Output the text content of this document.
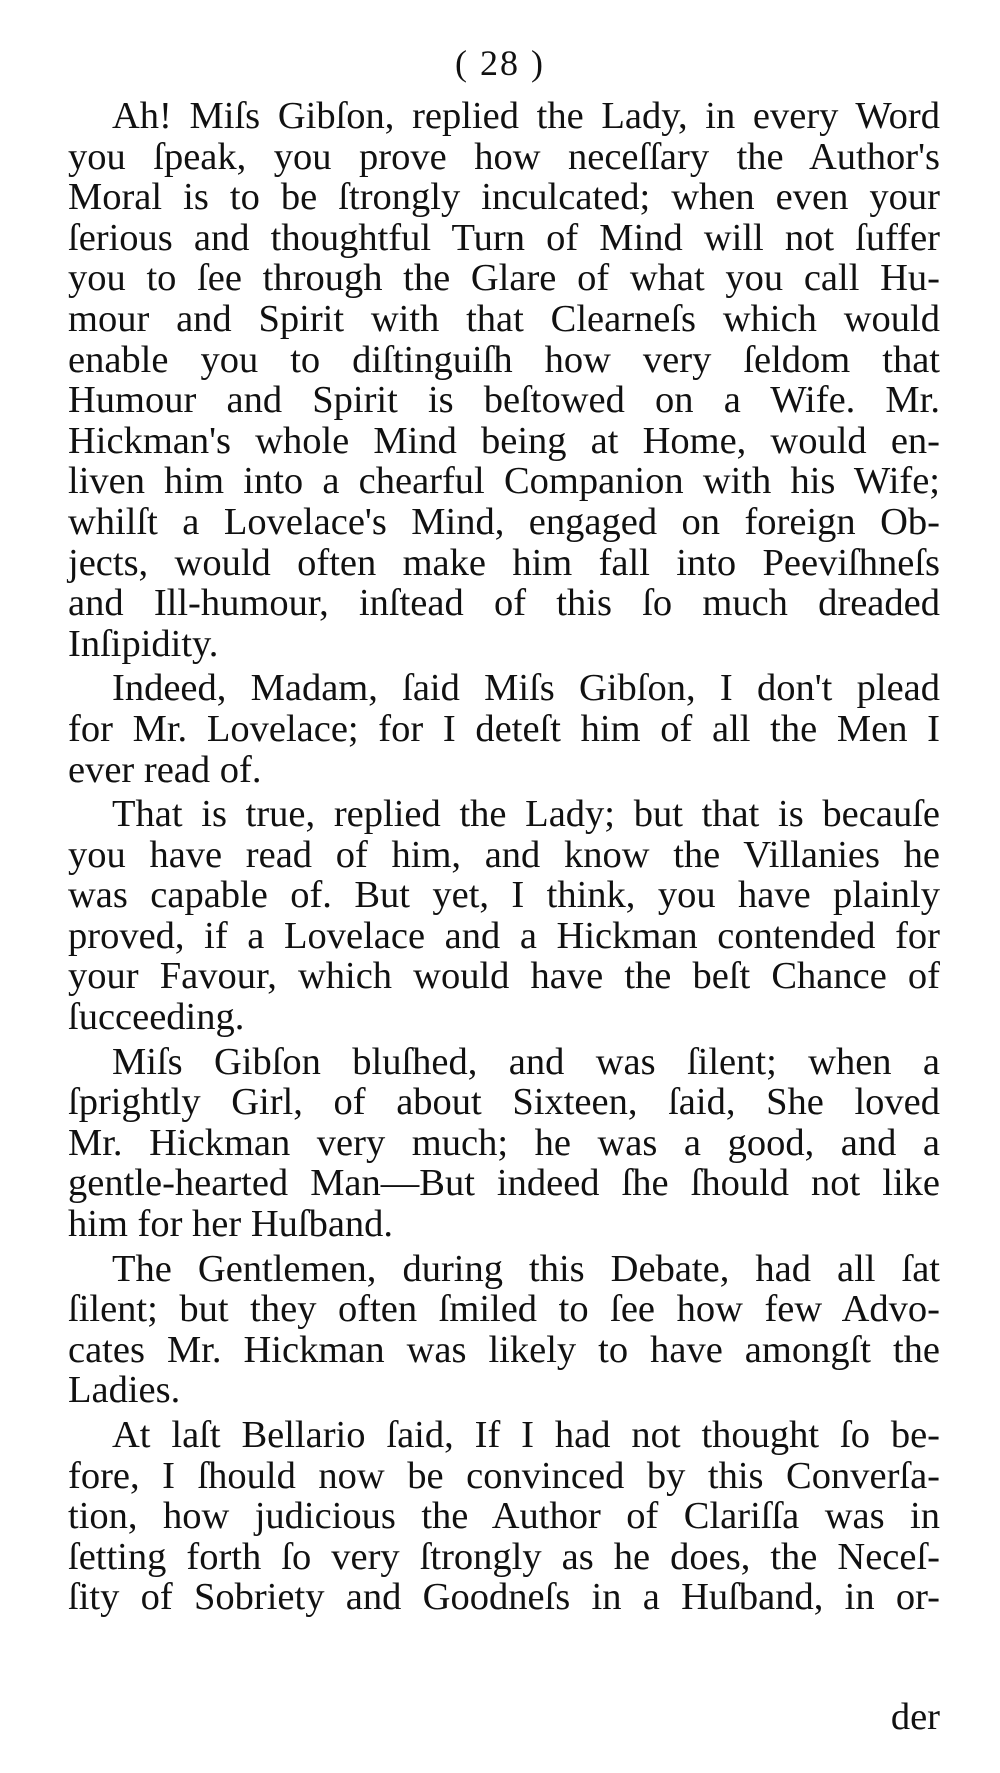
( 28 )

Ah! Miſs Gibſon, replied the Lady, in every Word
you ſpeak, you prove how neceſſary the Author's
Moral is to be ſtrongly inculcated; when even your
ſerious and thoughtful Turn of Mind will not ſuffer
you to ſee through the Glare of what you call Hu-
mour and Spirit with that Clearneſs which would
enable you to diſtinguiſh how very ſeldom that
Humour and Spirit is beſtowed on a Wife. Mr.
Hickman's whole Mind being at Home, would en-
liven him into a chearful Companion with his Wife;
whilſt a Lovelace's Mind, engaged on foreign Ob-
jects, would often make him fall into Peeviſhneſs
and Ill-humour, inſtead of this ſo much dreaded
Inſipidity.

Indeed, Madam, ſaid Miſs Gibſon, I don't plead
for Mr. Lovelace; for I deteſt him of all the Men I
ever read of.

That is true, replied the Lady; but that is becauſe
you have read of him, and know the Villanies he
was capable of. But yet, I think, you have plainly
proved, if a Lovelace and a Hickman contended for
your Favour, which would have the beſt Chance of
ſucceeding.

Miſs Gibſon bluſhed, and was ſilent; when a
ſprightly Girl, of about Sixteen, ſaid, She loved
Mr. Hickman very much; he was a good, and a
gentle-hearted Man—But indeed ſhe ſhould not like
him for her Huſband.

The Gentlemen, during this Debate, had all ſat
ſilent; but they often ſmiled to ſee how few Advo-
cates Mr. Hickman was likely to have amongſt the
Ladies.

At laſt Bellario ſaid, If I had not thought ſo be-
fore, I ſhould now be convinced by this Converſa-
tion, how judicious the Author of Clariſſa was in
ſetting forth ſo very ſtrongly as he does, the Neceſ-
ſity of Sobriety and Goodneſs in a Huſband, in or-

der
